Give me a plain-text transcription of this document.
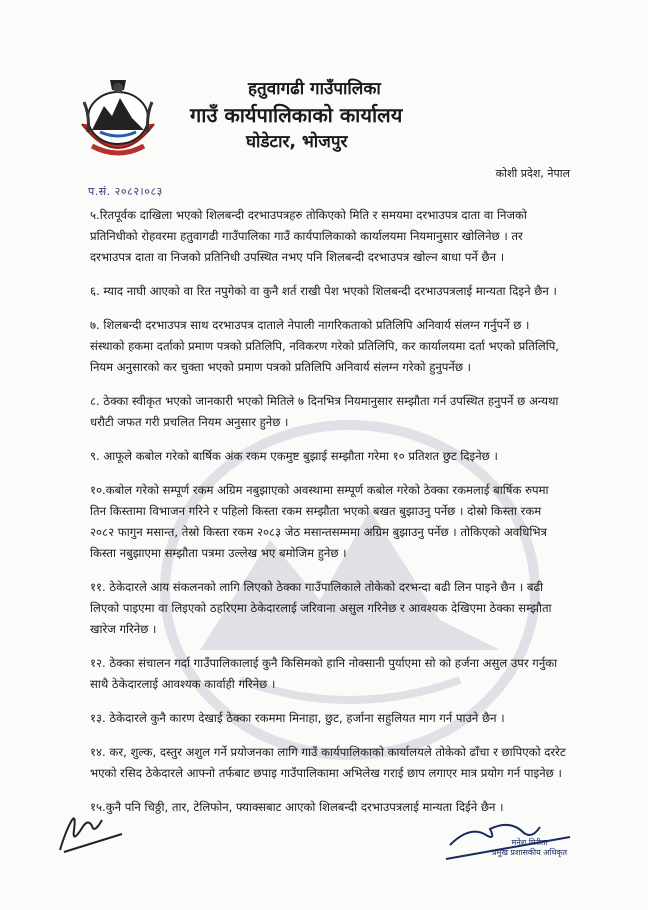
हतुवागढी गाउँपालिका
गाउँ कार्यपालिकाको कार्यालय
घोडेटार, भोजपुर
कोशी प्रदेश, नेपाल
प.सं. २०८२।०८३

५.रितपूर्वक दाखिला भएको शिलबन्दी दरभाउपत्रहरु तोकिएको मिति र समयमा दरभाउपत्र दाता वा निजको प्रतिनिधीको रोहवरमा हतुवागढी गाउँपालिका गाउँ कार्यपालिकाको कार्यालयमा नियमानुसार खोलिनेछ । तर दरभाउपत्र दाता वा निजको प्रतिनिधी उपस्थित नभए पनि शिलबन्दी दरभाउपत्र खोल्न बाधा पर्ने छैन ।

६. म्याद नाघी आएको वा रित नपुगेको वा कुनै शर्त राखी पेश भएको शिलबन्दी दरभाउपत्रलाई मान्यता दिइने छैन ।

७. शिलबन्दी दरभाउपत्र साथ दरभाउपत्र दाताले नेपाली नागरिकताको प्रतिलिपि अनिवार्य संलग्न गर्नुपर्ने छ । संस्थाको हकमा दर्ताको प्रमाण पत्रको प्रतिलिपि, नविकरण गरेको प्रतिलिपि, कर कार्यालयमा दर्ता भएको प्रतिलिपि, नियम अनुसारको कर चुक्ता भएको प्रमाण पत्रको प्रतिलिपि अनिवार्य संलग्न गरेको हुनुपर्नेछ ।

८. ठेक्का स्वीकृत भएको जानकारी भएको मितिले ७ दिनभित्र नियमानुसार सम्झौता गर्न उपस्थित हनुपर्ने छ अन्यथा धरौटी जफत गरी प्रचलित नियम अनुसार हुनेछ ।

९. आफूले कबोल गरेको बार्षिक अंक रकम एकमुष्ट बुझाई सम्झौता गरेमा १० प्रतिशत छुट दिइनेछ ।

१०.कबोल गरेको सम्पूर्ण रकम अग्रिम नबुझाएको अवस्थामा सम्पूर्ण कबोल गरेको ठेक्का रकमलाई बार्षिक रुपमा तिन किस्तामा विभाजन गरिने र पहिलो किस्ता रकम सम्झौता भएको बखत बुझाउनु पर्नेछ । दोस्रो किस्ता रकम २०८२ फागुन मसान्त, तेस्रो किस्ता रकम २०८३ जेठ मसान्तसम्ममा अग्रिम बुझाउनु पर्नेछ । तोकिएको अवधिभित्र किस्ता नबुझाएमा सम्झौता पत्रमा उल्लेख भए बमोजिम हुनेछ ।

११. ठेकेदारले आय संकलनको लागि लिएको ठेक्का गाउँपालिकाले तोकेको दरभन्दा बढी लिन पाइने छैन । बढी लिएको पाइएमा वा लिइएको ठहरिएमा ठेकेदारलाई जरिवाना असुल गरिनेछ र आवश्यक देखिएमा ठेक्का सम्झौता खारेज गरिनेछ ।

१२. ठेक्का संचालन गर्दा गाउँपालिकालाई कुनै किसिमको हानि नोक्सानी पुर्याएमा सो को हर्जना असुल उपर गर्नुका साथै ठेकेदारलाई आवश्यक कार्वाही गरिनेछ ।

१३. ठेकेदारले कुनै कारण देखाई ठेक्का रकममा मिनाहा, छुट, हर्जाना सहुलियत माग गर्न पाउने छैन ।

१४. कर, शुल्क, दस्तुर अशुल गर्ने प्रयोजनका लागि गाउँ कार्यपालिकाको कार्यालयले तोकेको ढाँचा र छापिएको दररेट भएको रसिद ठेकेदारले आफ्नो तर्फबाट छपाइ गाउँपालिकामा अभिलेख गराई छाप लगाएर मात्र प्रयोग गर्न पाइनेछ ।

१५.कुनै पनि चिठ्ठी, तार, टेलिफोन, फ्याक्सबाट आएको शिलबन्दी दरभाउपत्रलाई मान्यता दिईने छैन ।

मनेश मिरीता
प्रमुख प्रशासकीय अधिकृत
